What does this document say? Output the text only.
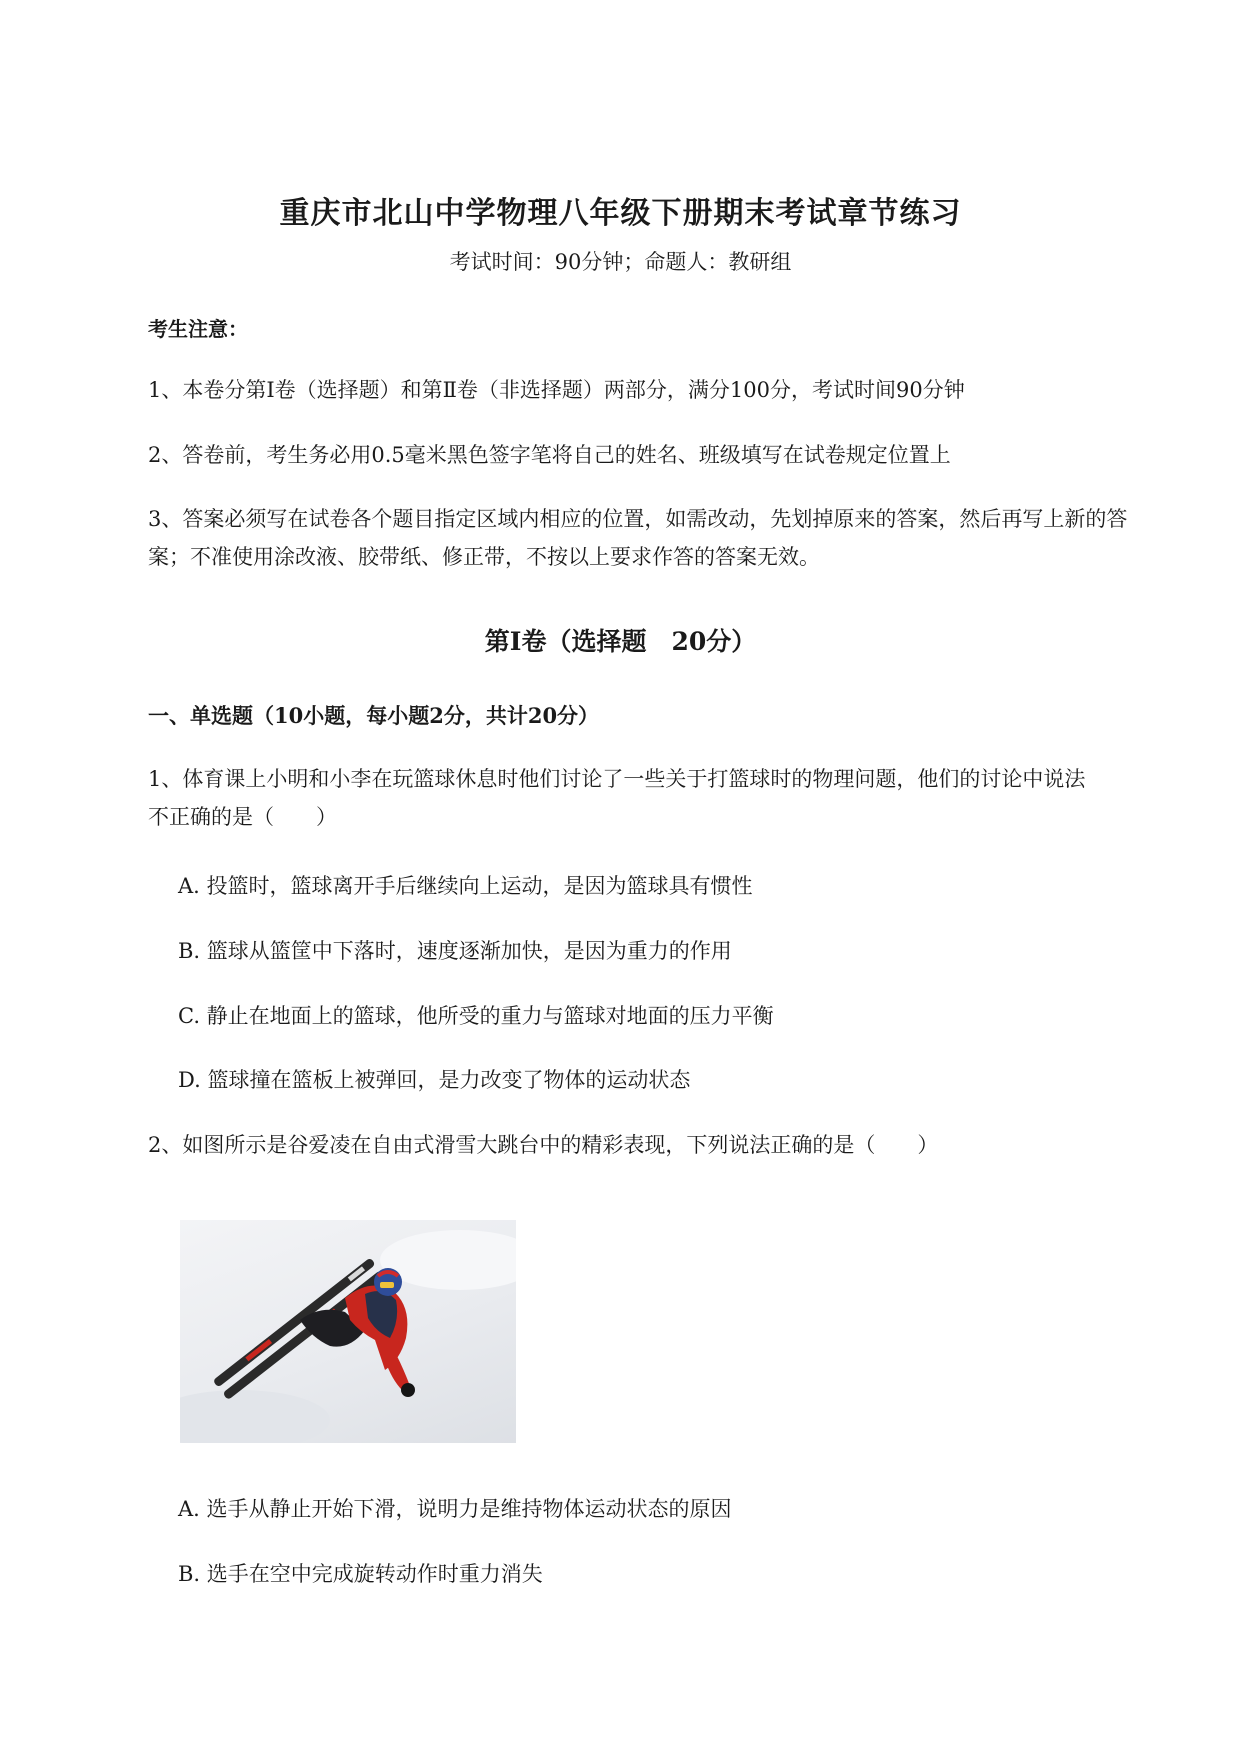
重庆市北山中学物理八年级下册期末考试章节练习
考试时间：90分钟；命题人：教研组
考生注意：
1、本卷分第I卷（选择题）和第Ⅱ卷（非选择题）两部分，满分100分，考试时间90分钟
2、答卷前，考生务必用0.5毫米黑色签字笔将自己的姓名、班级填写在试卷规定位置上
3、答案必须写在试卷各个题目指定区域内相应的位置，如需改动，先划掉原来的答案，然后再写上新的答案；不准使用涂改液、胶带纸、修正带，不按以上要求作答的答案无效。
第I卷（选择题　20分）
一、单选题（10小题，每小题2分，共计20分）
1、体育课上小明和小李在玩篮球休息时他们讨论了一些关于打篮球时的物理问题，他们的讨论中说法
不正确的是（　　）
A. 投篮时，篮球离开手后继续向上运动，是因为篮球具有惯性
B. 篮球从篮筐中下落时，速度逐渐加快，是因为重力的作用
C. 静止在地面上的篮球，他所受的重力与篮球对地面的压力平衡
D. 篮球撞在篮板上被弹回，是力改变了物体的运动状态
2、如图所示是谷爱凌在自由式滑雪大跳台中的精彩表现，下列说法正确的是（　　）
A. 选手从静止开始下滑，说明力是维持物体运动状态的原因
B. 选手在空中完成旋转动作时重力消失
